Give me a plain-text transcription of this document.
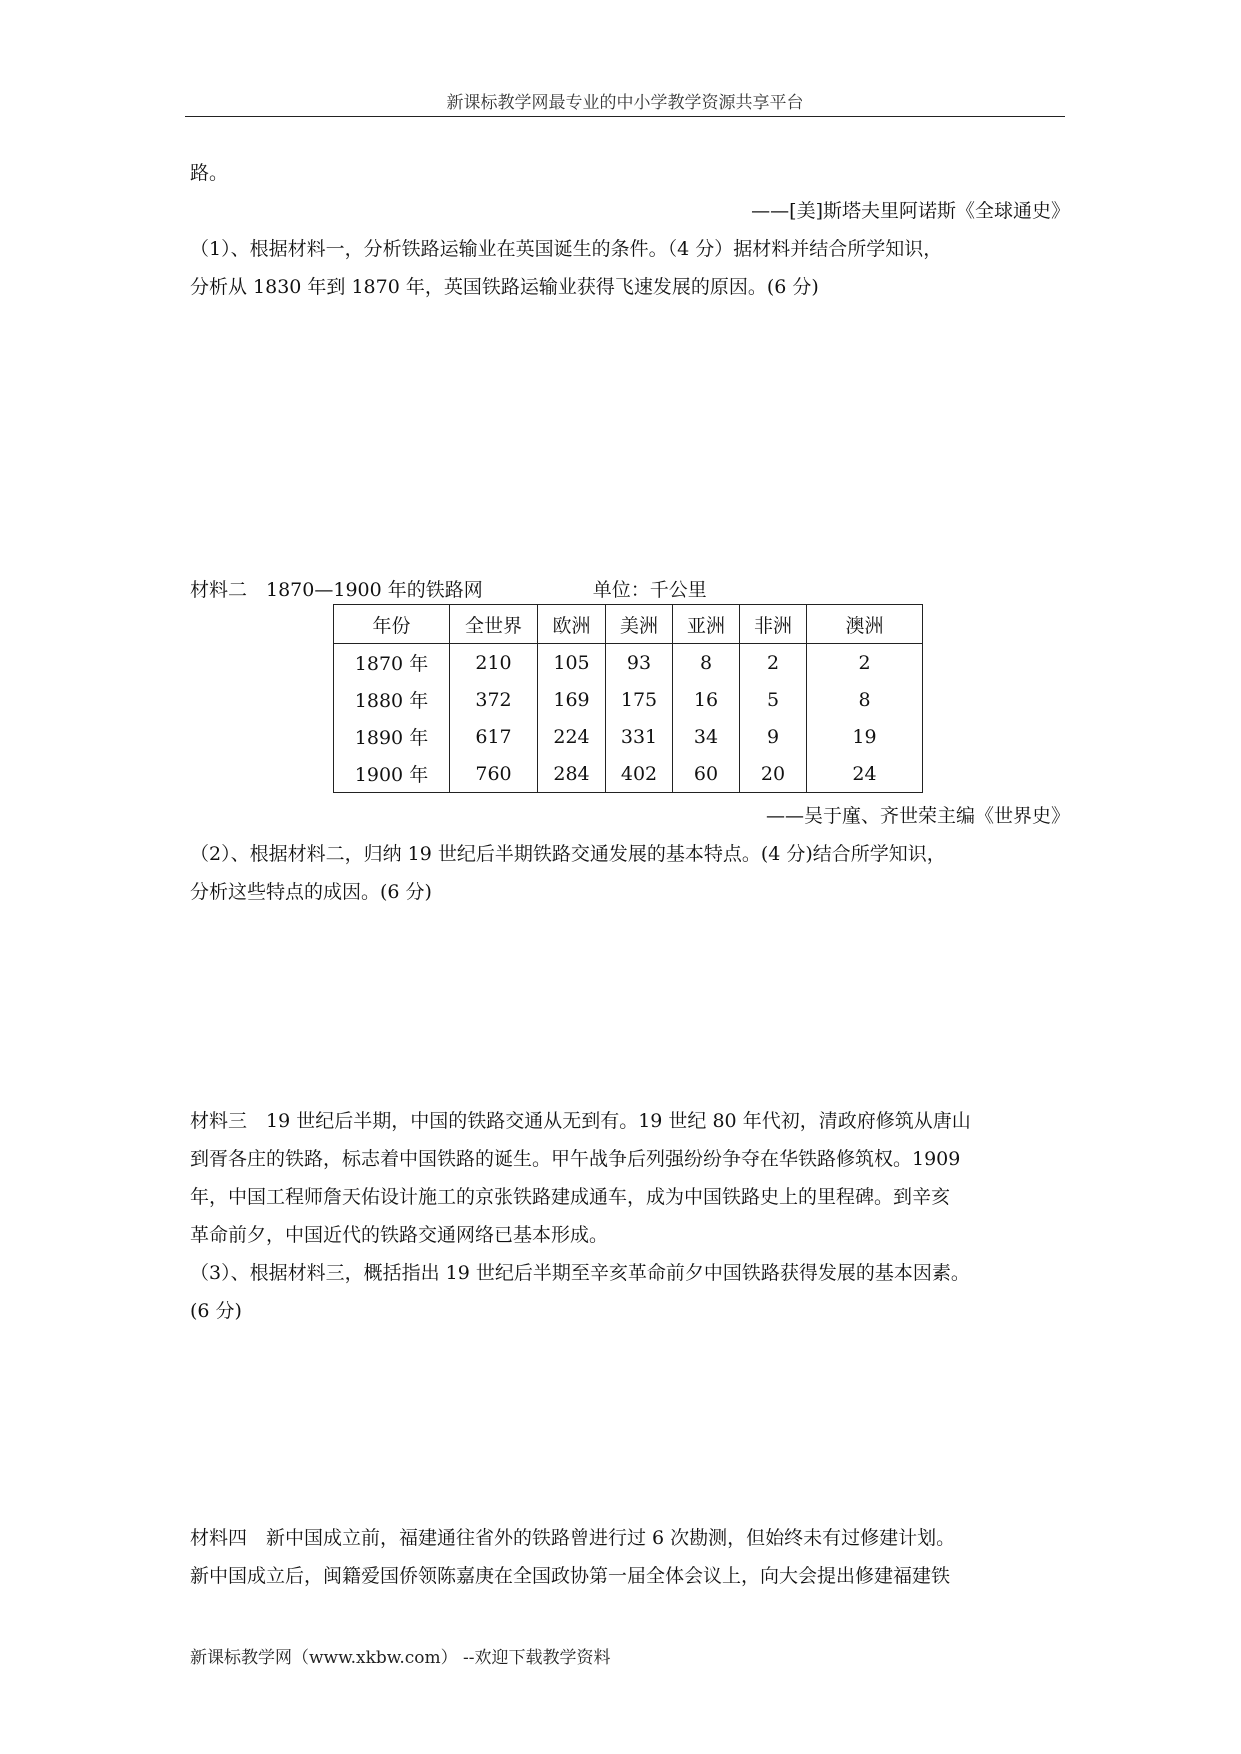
新课标教学网最专业的中小学教学资源共享平台
路。
——[美]斯塔夫里阿诺斯《全球通史》
（1）、根据材料一，分析铁路运输业在英国诞生的条件。（4 分）据材料并结合所学知识，
分析从 1830 年到 1870 年，英国铁路运输业获得飞速发展的原因。(6 分)
材料二　1870—1900 年的铁路网	单位：千公里
年份	全世界	欧洲	美洲	亚洲	非洲	澳洲
1870 年	210	105	93	8	2	2
1880 年	372	169	175	16	5	8
1890 年	617	224	331	34	9	19
1900 年	760	284	402	60	20	24
——吴于廑、齐世荣主编《世界史》
（2）、根据材料二，归纳 19 世纪后半期铁路交通发展的基本特点。(4 分)结合所学知识，
分析这些特点的成因。(6 分)
材料三　19 世纪后半期，中国的铁路交通从无到有。19 世纪 80 年代初，清政府修筑从唐山
到胥各庄的铁路，标志着中国铁路的诞生。甲午战争后列强纷纷争夺在华铁路修筑权。1909
年，中国工程师詹天佑设计施工的京张铁路建成通车，成为中国铁路史上的里程碑。到辛亥
革命前夕，中国近代的铁路交通网络已基本形成。
（3）、根据材料三，概括指出 19 世纪后半期至辛亥革命前夕中国铁路获得发展的基本因素。
(6 分)
材料四　新中国成立前，福建通往省外的铁路曾进行过 6 次勘测，但始终未有过修建计划。
新中国成立后，闽籍爱国侨领陈嘉庚在全国政协第一届全体会议上，向大会提出修建福建铁
新课标教学网（www.xkbw.com） --欢迎下载教学资料
